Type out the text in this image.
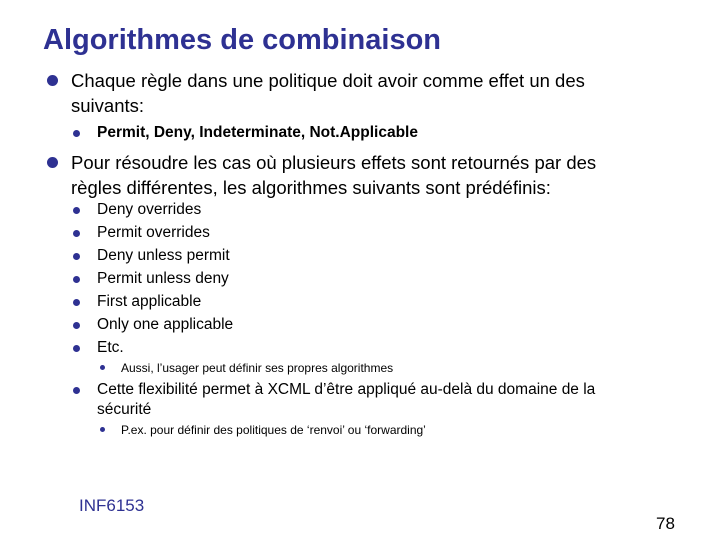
Algorithmes de combinaison
Chaque règle dans une politique doit avoir comme effet un des
suivants:
Permit, Deny, Indeterminate, Not.Applicable
Pour résoudre les cas où plusieurs effets sont retournés par des
règles différentes, les algorithmes suivants sont prédéfinis:
Deny overrides
Permit overrides
Deny unless permit
Permit unless deny
First applicable
Only one applicable
Etc.
Aussi, l’usager peut définir ses propres algorithmes
Cette flexibilité permet à XCML d’être appliqué au-delà du domaine de la
sécurité
P.ex. pour définir des politiques de ‘renvoi’ ou ‘forwarding’
INF6153
78
